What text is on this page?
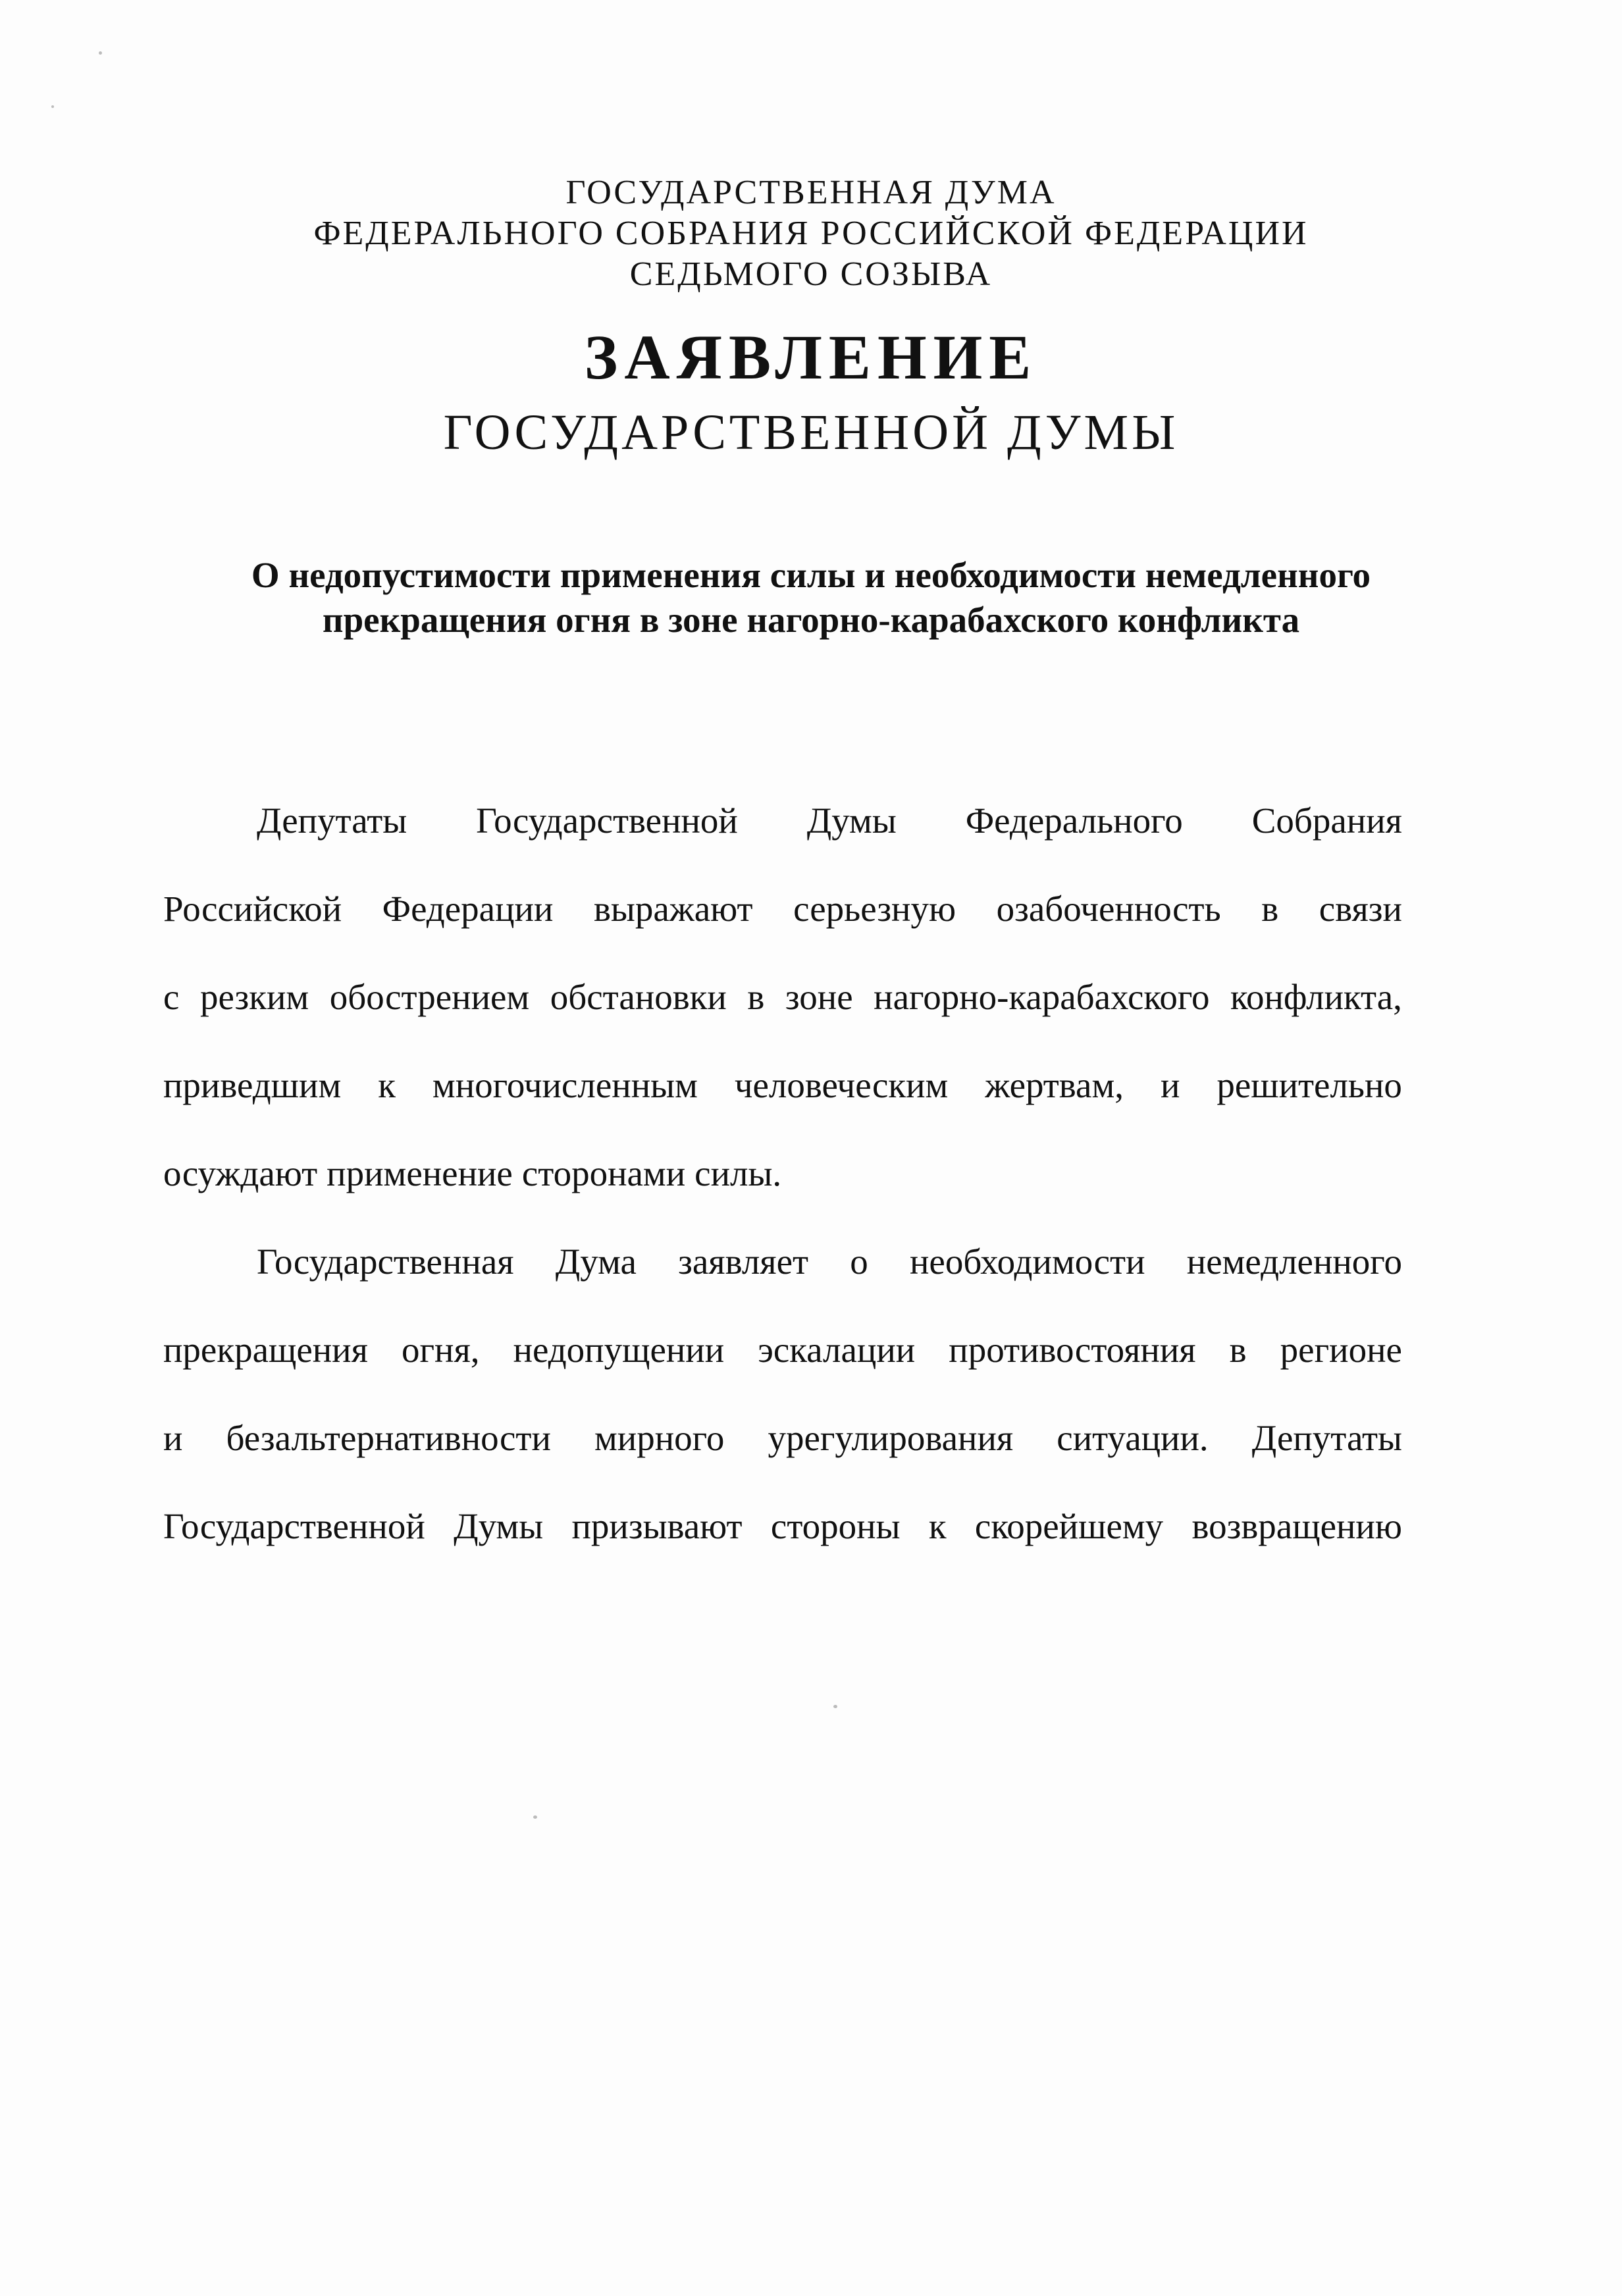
ГОСУДАРСТВЕННАЯ ДУМА
ФЕДЕРАЛЬНОГО СОБРАНИЯ РОССИЙСКОЙ ФЕДЕРАЦИИ
СЕДЬМОГО СОЗЫВА
ЗАЯВЛЕНИЕ
ГОСУДАРСТВЕННОЙ ДУМЫ
О недопустимости применения силы и необходимости немедленного
прекращения огня в зоне нагорно-карабахского конфликта
Депутаты Государственной Думы Федерального Собрания
Российской Федерации выражают серьезную озабоченность в связи
с резким обострением обстановки в зоне нагорно-карабахского конфликта,
приведшим к многочисленным человеческим жертвам, и решительно
осуждают применение сторонами силы.
Государственная Дума заявляет о необходимости немедленного
прекращения огня, недопущении эскалации противостояния в регионе
и безальтернативности мирного урегулирования ситуации. Депутаты
Государственной Думы призывают стороны к скорейшему возвращению
